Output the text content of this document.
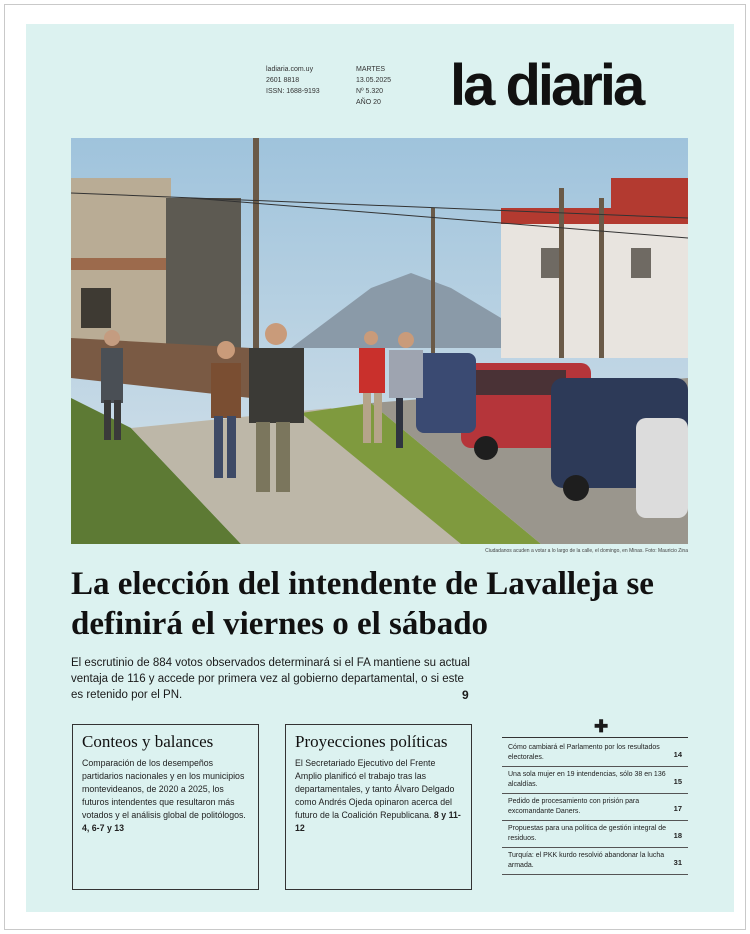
ladiaria.com.uy
2601 8818
ISSN: 1688-9193
MARTES
13.05.2025
Nº 5.320
AÑO 20 la diaria
Ciudadanos acuden a votar a lo largo de la calle, el domingo, en Minas. Foto: Mauricio Zina
La elección del intendente de Lavalleja se definirá el viernes o el sábado

El escrutinio de 884 votos observados determinará si el FA mantiene su actual ventaja de 116 y accede por primera vez al gobierno departamental, o si este es retenido por el PN.	9
Conteos y balances

Comparación de los desempeños partidarios nacionales y en los municipios montevideanos, de 2020 a 2025, los futuros intendentes que resultaron más votados y el análisis global de politólogos. 4, 6-7 y 13

Proyecciones políticas

El Secretariado Ejecutivo del Frente Amplio planificó el trabajo tras las departamentales, y tanto Álvaro Delgado como Andrés Ojeda opinaron acerca del futuro de la Coalición Republicana. 8 y 11-12

✚
Cómo cambiará el Parlamento por los resultados electorales.	14
Una sola mujer en 19 intendencias, sólo 38 en 136 alcaldías.	15
Pedido de procesamiento con prisión para excomandante Daners.	17
Propuestas para una política de gestión integral de residuos.	18
Turquía: el PKK kurdo resolvió abandonar la lucha armada.	31
